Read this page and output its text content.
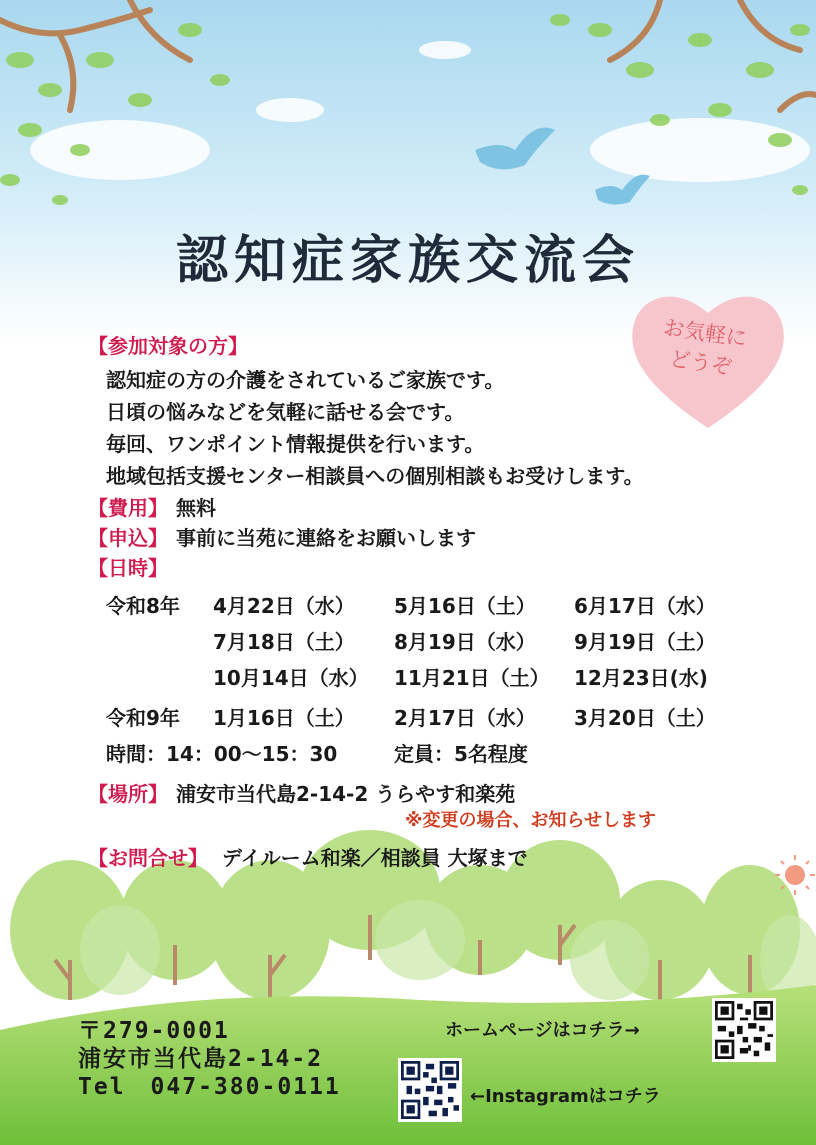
お気軽に
どうぞ
認知症家族交流会
【参加対象の方】
認知症の方の介護をされているご家族です。
日頃の悩みなどを気軽に話せる会です。
毎回、ワンポイント情報提供を行います。
地域包括支援センター相談員への個別相談もお受けします。
【費用】 無料
【申込】 事前に当苑に連絡をお願いします
【日時】
令和8年
令和9年
4月22日（水） 5月16日（土） 6月17日（水）
7月18日（土） 8月19日（水） 9月19日（土）
10月14日（水） 11月21日（土） 12月23日(水)
1月16日（土） 2月17日（水） 3月20日（土）
時間：14：00～15：30	定員：5名程度
【場所】 浦安市当代島2-14-2 うらやす和楽苑
※変更の場合、お知らせします
【お問合せ】 デイルーム和楽／相談員 大塚まで
〒279-0001
浦安市当代島2-14-2
Tel　047-380-0111
ホームページはコチラ→
←Instagramはコチラ
